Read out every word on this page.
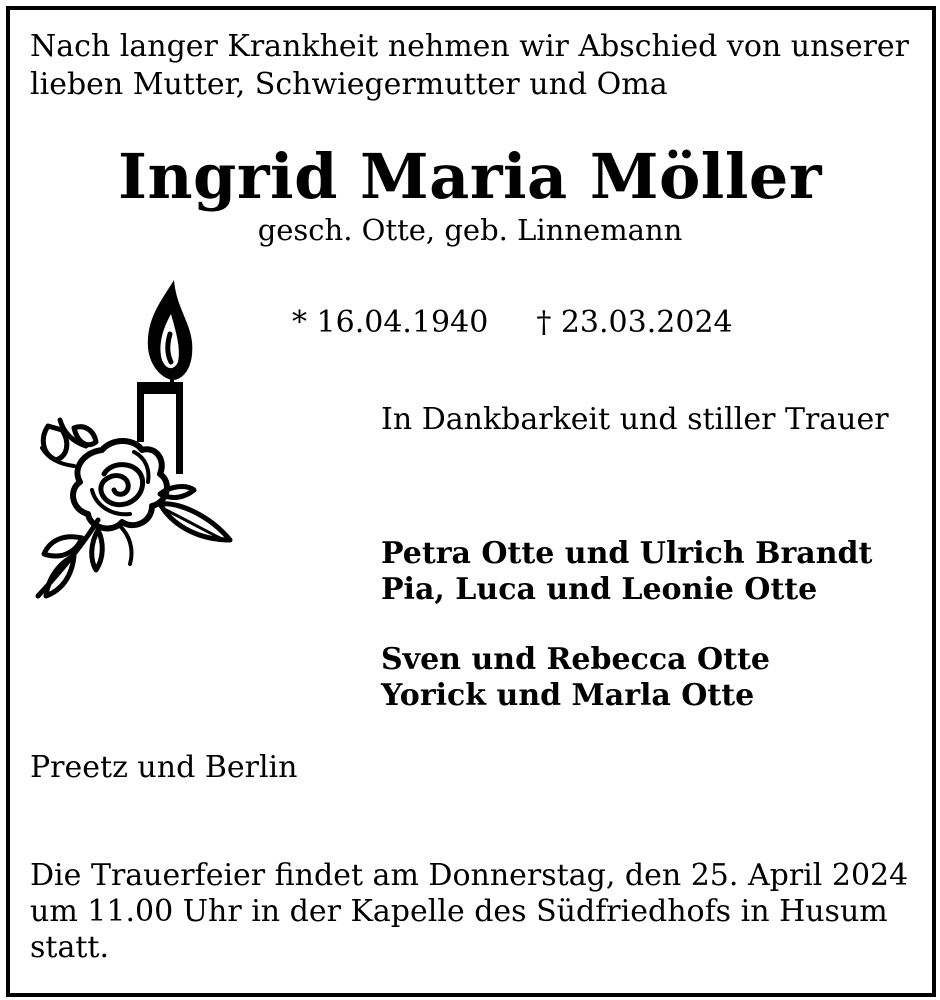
Nach langer Krankheit nehmen wir Abschied von unserer
lieben Mutter, Schwiegermutter und Oma
Ingrid Maria Möller
gesch. Otte, geb. Linnemann
* 16.04.1940 † 23.03.2024
In Dankbarkeit und stiller Trauer
Petra Otte und Ulrich Brandt
Pia, Luca und Leonie Otte
Sven und Rebecca Otte
Yorick und Marla Otte
Preetz und Berlin
Die Trauerfeier findet am Donnerstag, den 25. April 2024
um 11.00 Uhr in der Kapelle des Südfriedhofs in Husum
statt.
